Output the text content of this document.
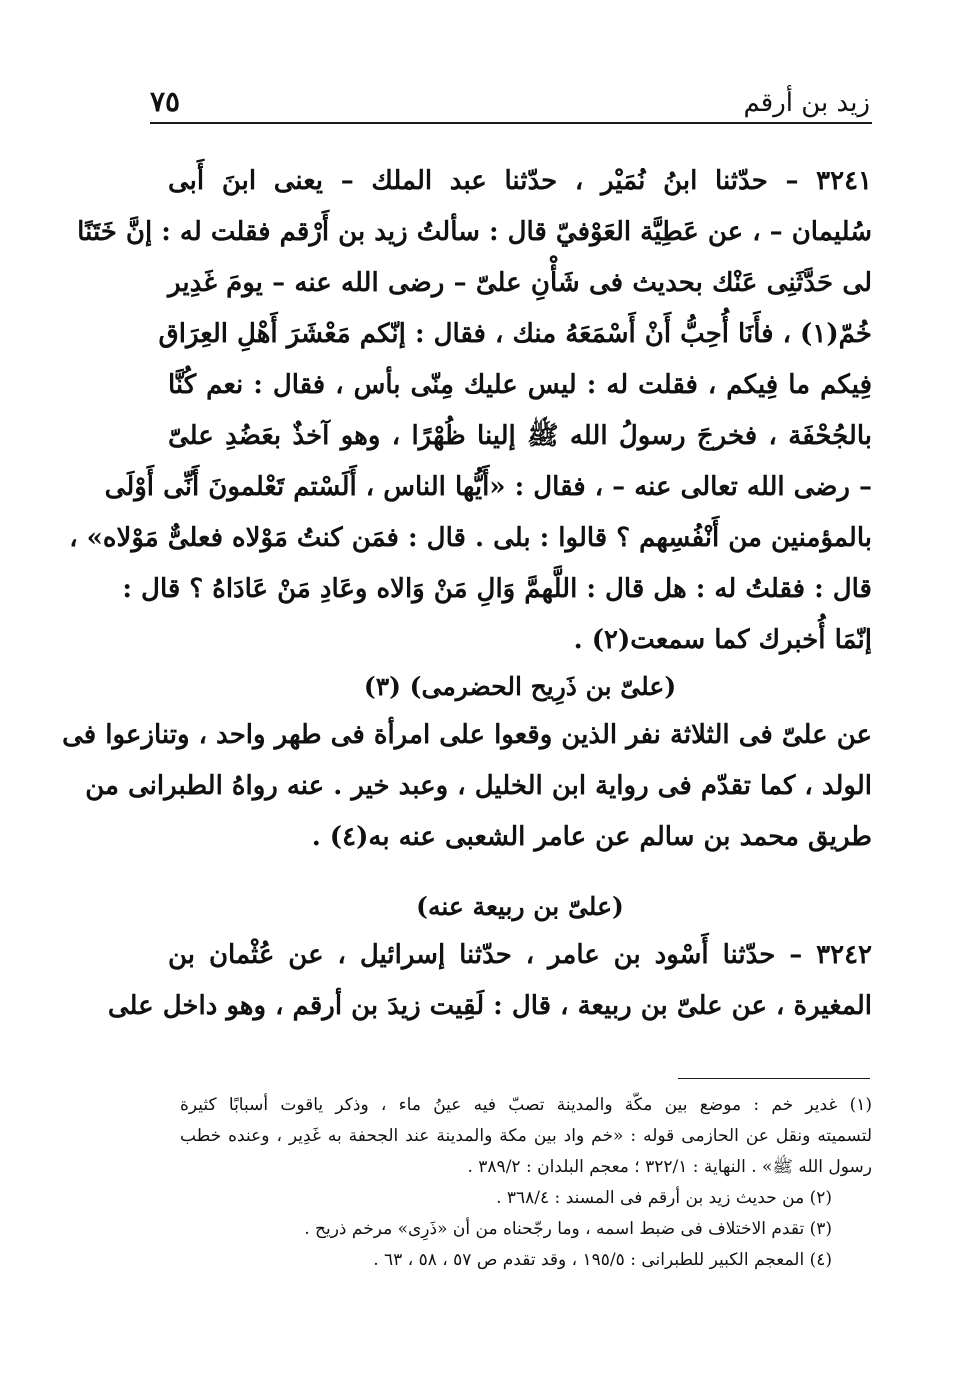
زيد بن أرقم
٧٥
٣٢٤١ – حدّثنا ابنُ نُمَيْر ، حدّثنا عبد الملك – يعنى ابنَ أَبى
سُليمان – ، عن عَطِيَّة العَوْفيّ قال : سألتُ زيد بن أَرْقم فقلت له : إنَّ خَتَنًا
لى حَدَّثَنِى عَنْك بحديث فى شَأْنِ علىّ – رضى الله عنه – يومَ غَدِير
خُمّ(١) ، فأَنَا أُحِبُّ أَنْ أَسْمَعَهُ منك ، فقال : إنّكم مَعْشَرَ أَهْلِ العِرَاق
فِيكم ما فِيكم ، فقلت له : ليس عليك مِنّى بأس ، فقال : نعم كُنَّا
بالجُحْفَة ، فخرجَ رسولُ الله ﷺ إلينا ظُهْرًا ، وهو آخذٌ بعَضُدِ علىّ
– رضى الله تعالى عنه – ، فقال : «أَيُّها الناس ، أَلَسْتم تَعْلمونَ أَنِّى أَوْلَى
بالمؤمنين من أَنْفُسِهم ؟ قالوا : بلى . قال : فمَن كنتُ مَوْلاه فعلىٌّ مَوْلاه» ،
قال : فقلتُ له : هل قال : اللَّهمَّ وَالِ مَنْ وَالاه وعَادِ مَنْ عَادَاهُ ؟ قال :
إنّمَا أُخبرك كما سمعت(٢) .
(علىّ بن ذَرِيح الحضرمى) (٣)
عن علىّ فى الثلاثة نفر الذين وقعوا على امرأة فى طهر واحد ، وتنازعوا فى
الولد ، كما تقدّم فى رواية ابن الخليل ، وعبد خير . عنه رواهُ الطبرانى من
طريق محمد بن سالم عن عامر الشعبى عنه به(٤) .
(علىّ بن ربيعة عنه)
٣٢٤٢ – حدّثنا أَسْود بن عامر ، حدّثنا إسرائيل ، عن عُثْمان بن
المغيرة ، عن علىّ بن ربيعة ، قال : لَقِيت زيدَ بن أرقم ، وهو داخل على
(١) غدير خم : موضع بين مكّة والمدينة تصبّ فيه عينُ ماء ، وذكر ياقوت أسبابًا كثيرة
لتسميته ونقل عن الحازمى قوله : «خم واد بين مكة والمدينة عند الجحفة به غَدِير ، وعنده خطب
رسول الله ﷺ» . النهاية : ٣٢٢/١ ؛ معجم البلدان : ٣٨٩/٢ .
(٢) من حديث زيد بن أرقم فى المسند : ٣٦٨/٤ .
(٣) تقدم الاختلاف فى ضبط اسمه ، وما رجّحناه من أن «ذَرِى» مرخم ذريح .
(٤) المعجم الكبير للطبرانى : ١٩٥/٥ ، وقد تقدم ص ٥٧ ، ٥٨ ، ٦٣ .
